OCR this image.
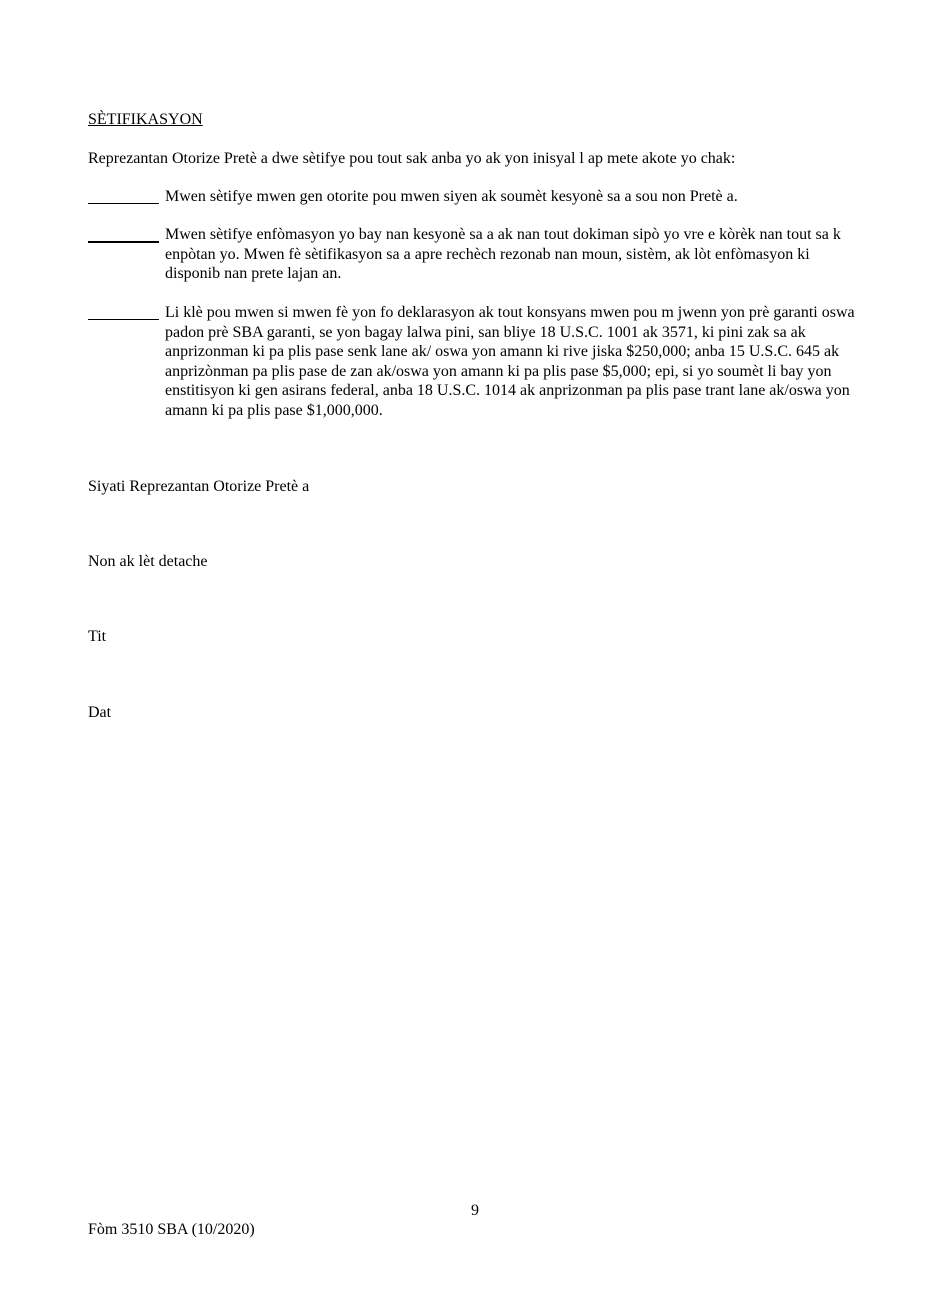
SÈTIFIKASYON
Reprezantan Otorize Pretè a dwe sètifye pou tout sak anba yo ak yon inisyal l ap mete akote yo chak:
Mwen sètifye mwen gen otorite pou mwen siyen ak soumèt kesyonè sa a sou non Pretè a.
Mwen sètifye enfòmasyon yo bay nan kesyonè sa a ak nan tout dokiman sipò yo vre e kòrèk nan tout sa k enpòtan yo. Mwen fè sètifikasyon sa a apre rechèch rezonab nan moun, sistèm, ak lòt enfòmasyon ki disponib nan prete lajan an.
Li klè pou mwen si mwen fè yon fo deklarasyon ak tout konsyans mwen pou m jwenn yon prè garanti oswa padon prè SBA garanti, se yon bagay lalwa pini, san bliye 18 U.S.C. 1001 ak 3571, ki pini zak sa ak anprizonman ki pa plis pase senk lane ak/ oswa yon amann ki rive jiska $250,000; anba 15 U.S.C. 645 ak anprizònman pa plis pase de zan ak/oswa yon amann ki pa plis pase $5,000; epi, si yo soumèt li bay yon enstitisyon ki gen asirans federal, anba 18 U.S.C. 1014 ak anprizonman pa plis pase trant lane ak/oswa yon amann ki pa plis pase $1,000,000.
Siyati Reprezantan Otorize Pretè a
Non ak lèt detache
Tit
Dat
9
Fòm 3510 SBA (10/2020)
